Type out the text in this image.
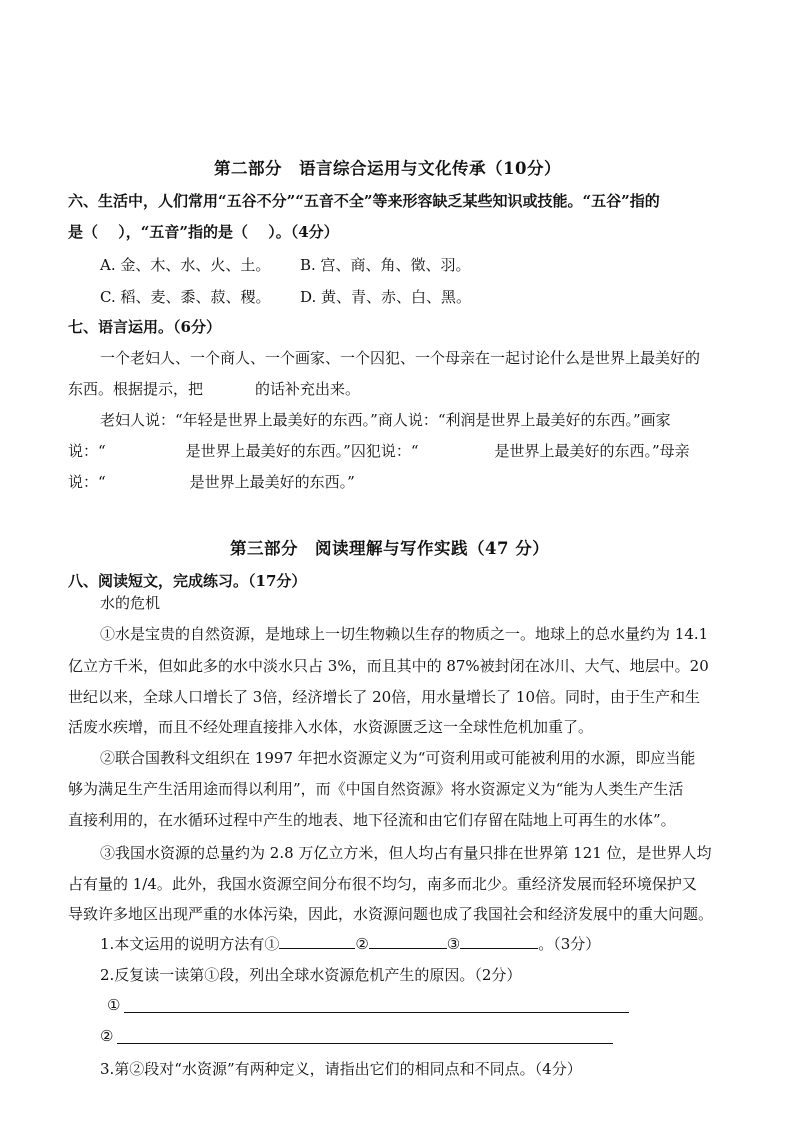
第二部分　语言综合运用与文化传承（10分）
六、生活中，人们常用“五谷不分”“五音不全”等来形容缺乏某些知识或技能。“五谷”指的
是（　 ），“五音”指的是（　 ）。（4分）
A. 金、木、水、火、土。 B. 宫、商、角、徵、羽。
C. 稻、麦、黍、菽、稷。 D. 黄、青、赤、白、黑。
七、语言运用。（6分）
一个老妇人、一个商人、一个画家、一个囚犯、一个母亲在一起讨论什么是世界上最美好的
东西。根据提示，把	的话补充出来。
老妇人说：“年轻是世界上最美好的东西。”商人说：“利润是世界上最美好的东西。”画家
说：“	是世界上最美好的东西。”囚犯说：“	是世界上最美好的东西。”母亲
说：“	是世界上最美好的东西。”
第三部分　阅读理解与写作实践（47 分）
八、阅读短文，完成练习。（17分）
水的危机
①水是宝贵的自然资源，是地球上一切生物赖以生存的物质之一。地球上的总水量约为 14.1
亿立方千米，但如此多的水中淡水只占 3%，而且其中的 87%被封闭在冰川、大气、地层中。20
世纪以来，全球人口增长了 3倍，经济增长了 20倍，用水量增长了 10倍。同时，由于生产和生
活废水疾增，而且不经处理直接排入水体，水资源匮乏这一全球性危机加重了。
②联合国教科文组织在 1997 年把水资源定义为“可资利用或可能被利用的水源，即应当能
够为满足生产生活用途而得以利用”，而《中国自然资源》将水资源定义为“能为人类生产生活
直接利用的，在水循环过程中产生的地表、地下径流和由它们存留在陆地上可再生的水体”。
③我国水资源的总量约为 2.8 万亿立方米，但人均占有量只排在世界第 121 位，是世界人均
占有量的 1/4。此外，我国水资源空间分布很不均匀，南多而北少。重经济发展而轻环境保护又
导致许多地区出现严重的水体污染，因此，水资源问题也成了我国社会和经济发展中的重大问题。
1.本文运用的说明方法有①	②	③	。（3分）
2.反复读一读第①段，列出全球水资源危机产生的原因。（2分）
①
②
3.第②段对“水资源”有两种定义，请指出它们的相同点和不同点。（4分）
